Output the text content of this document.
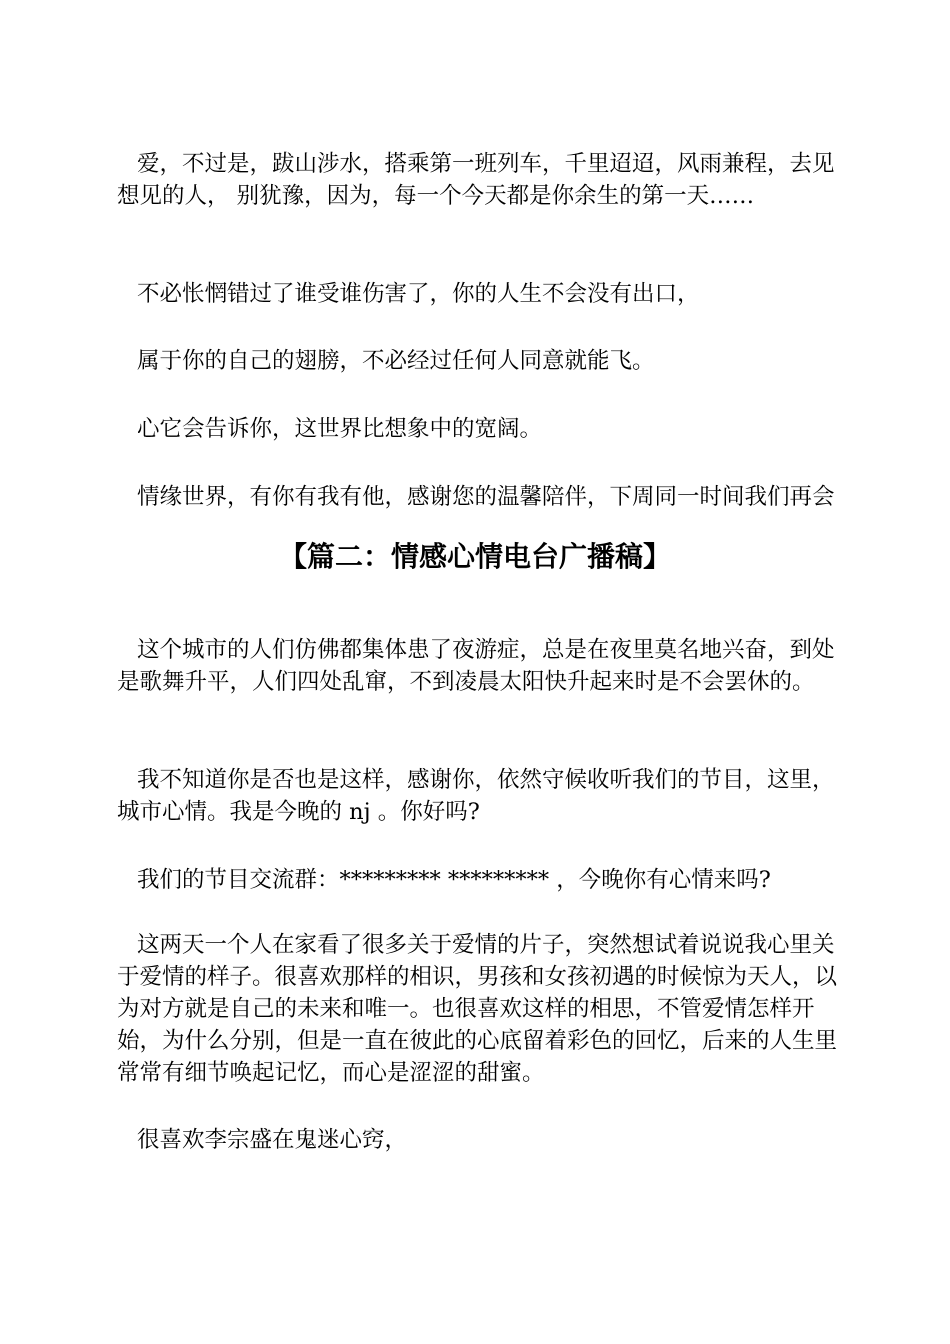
爱，不过是，跋山涉水，搭乘第一班列车，千里迢迢，风雨兼程，去见想见的人， 别犹豫，因为，每一个今天都是你余生的第一天……

不必怅惘错过了谁受谁伤害了，你的人生不会没有出口，

属于你的自己的翅膀，不必经过任何人同意就能飞。

心它会告诉你，这世界比想象中的宽阔。

情缘世界，有你有我有他，感谢您的温馨陪伴，下周同一时间我们再会

【篇二：情感心情电台广播稿】

这个城市的人们仿佛都集体患了夜游症，总是在夜里莫名地兴奋，到处是歌舞升平，人们四处乱窜，不到凌晨太阳快升起来时是不会罢休的。

我不知道你是否也是这样，感谢你，依然守候收听我们的节目，这里，城市心情。我是今晚的 nj 。你好吗?

我们的节目交流群：********* ********* ，今晚你有心情来吗?

这两天一个人在家看了很多关于爱情的片子，突然想试着说说我心里关于爱情的样子。很喜欢那样的相识，男孩和女孩初遇的时候惊为天人，以为对方就是自己的未来和唯一。也很喜欢这样的相思，不管爱情怎样开始，为什么分别，但是一直在彼此的心底留着彩色的回忆，后来的人生里常常有细节唤起记忆，而心是涩涩的甜蜜。

很喜欢李宗盛在鬼迷心窍，
